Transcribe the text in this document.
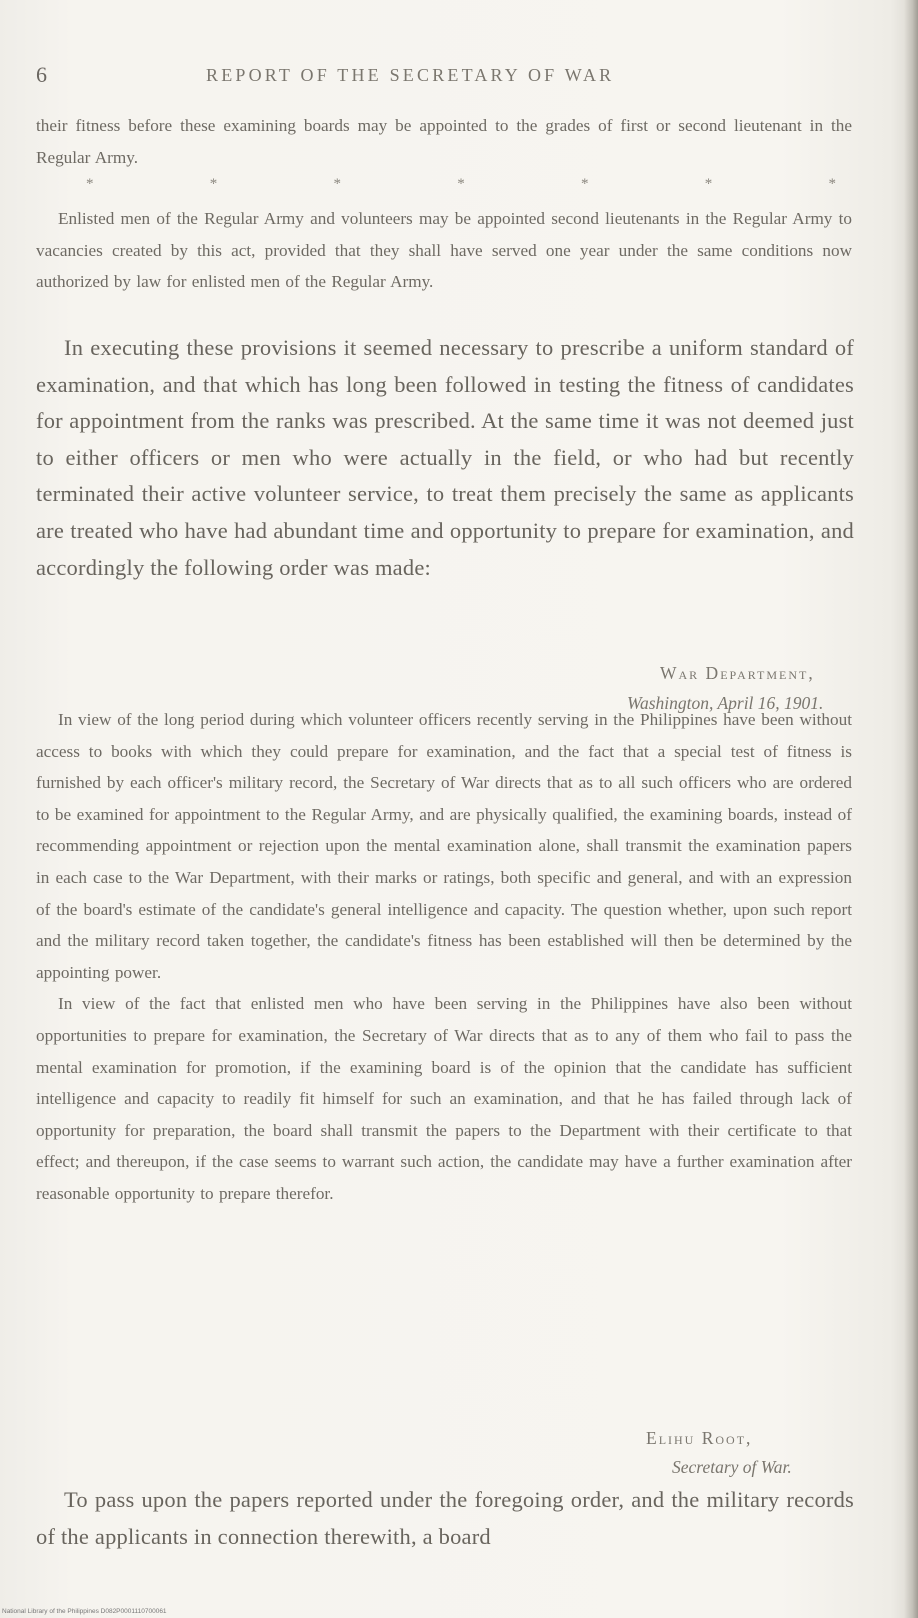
6	REPORT OF THE SECRETARY OF WAR

their fitness before these examining boards may be appointed to the grades of first or second lieutenant in the Regular Army.

*	*	*	*	*	*	*

Enlisted men of the Regular Army and volunteers may be appointed second lieutenants in the Regular Army to vacancies created by this act, provided that they shall have served one year under the same conditions now authorized by law for enlisted men of the Regular Army.

In executing these provisions it seemed necessary to prescribe a uniform standard of examination, and that which has long been followed in testing the fitness of candidates for appointment from the ranks was prescribed. At the same time it was not deemed just to either officers or men who were actually in the field, or who had but recently terminated their active volunteer service, to treat them precisely the same as applicants are treated who have had abundant time and opportunity to prepare for examination, and accordingly the following order was made:

War Department,
Washington, April 16, 1901.

In view of the long period during which volunteer officers recently serving in the Philippines have been without access to books with which they could prepare for examination, and the fact that a special test of fitness is furnished by each officer's military record, the Secretary of War directs that as to all such officers who are ordered to be examined for appointment to the Regular Army, and are physically qualified, the examining boards, instead of recommending appointment or rejection upon the mental examination alone, shall transmit the examination papers in each case to the War Department, with their marks or ratings, both specific and general, and with an expression of the board's estimate of the candidate's general intelligence and capacity. The question whether, upon such report and the military record taken together, the candidate's fitness has been established will then be determined by the appointing power.

In view of the fact that enlisted men who have been serving in the Philippines have also been without opportunities to prepare for examination, the Secretary of War directs that as to any of them who fail to pass the mental examination for promotion, if the examining board is of the opinion that the candidate has sufficient intelligence and capacity to readily fit himself for such an examination, and that he has failed through lack of opportunity for preparation, the board shall transmit the papers to the Department with their certificate to that effect; and thereupon, if the case seems to warrant such action, the candidate may have a further examination after reasonable opportunity to prepare therefor.

Elihu Root,
Secretary of War.

To pass upon the papers reported under the foregoing order, and the military records of the applicants in connection therewith, a board

National Library of the Philippines D082P0001110700061
